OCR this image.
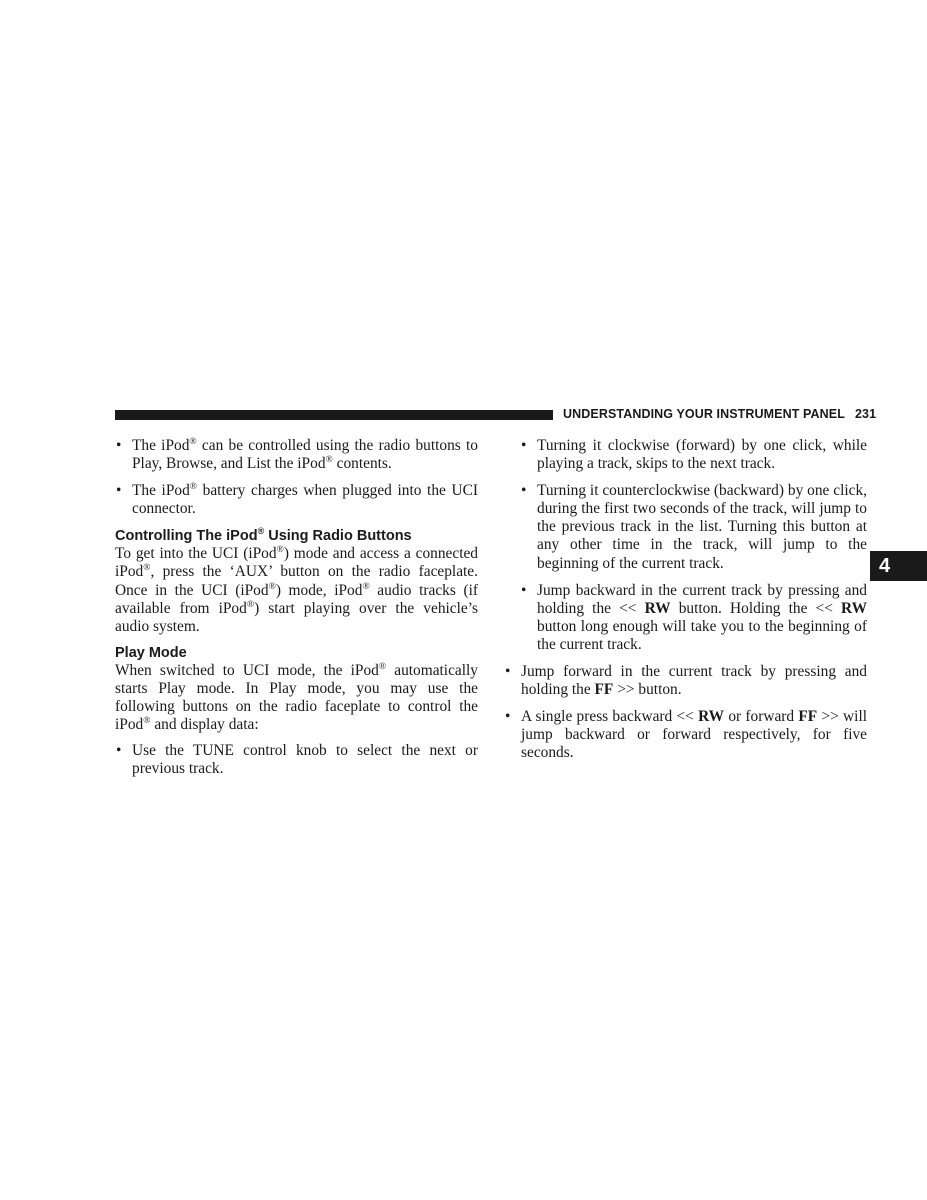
UNDERSTANDING YOUR INSTRUMENT PANEL 231
4
• The iPod® can be controlled using the radio buttons to Play, Browse, and List the iPod® contents.
• The iPod® battery charges when plugged into the UCI connector.
Controlling The iPod® Using Radio Buttons

To get into the UCI (iPod®) mode and access a connected iPod®, press the ‘AUX’ button on the radio faceplate. Once in the UCI (iPod®) mode, iPod® audio tracks (if available from iPod®) start playing over the vehicle’s audio system.

Play Mode

When switched to UCI mode, the iPod® automatically starts Play mode. In Play mode, you may use the following buttons on the radio faceplate to control the iPod® and display data:

• Use the TUNE control knob to select the next or previous track.
• Turning it clockwise (forward) by one click, while playing a track, skips to the next track.
• Turning it counterclockwise (backward) by one click, during the first two seconds of the track, will jump to the previous track in the list. Turning this button at any other time in the track, will jump to the beginning of the current track.
• Jump backward in the current track by pressing and holding the << RW button. Holding the << RW button long enough will take you to the beginning of the current track.
• Jump forward in the current track by pressing and holding the FF >> button.
• A single press backward << RW or forward FF >> will jump backward or forward respectively, for five seconds.
